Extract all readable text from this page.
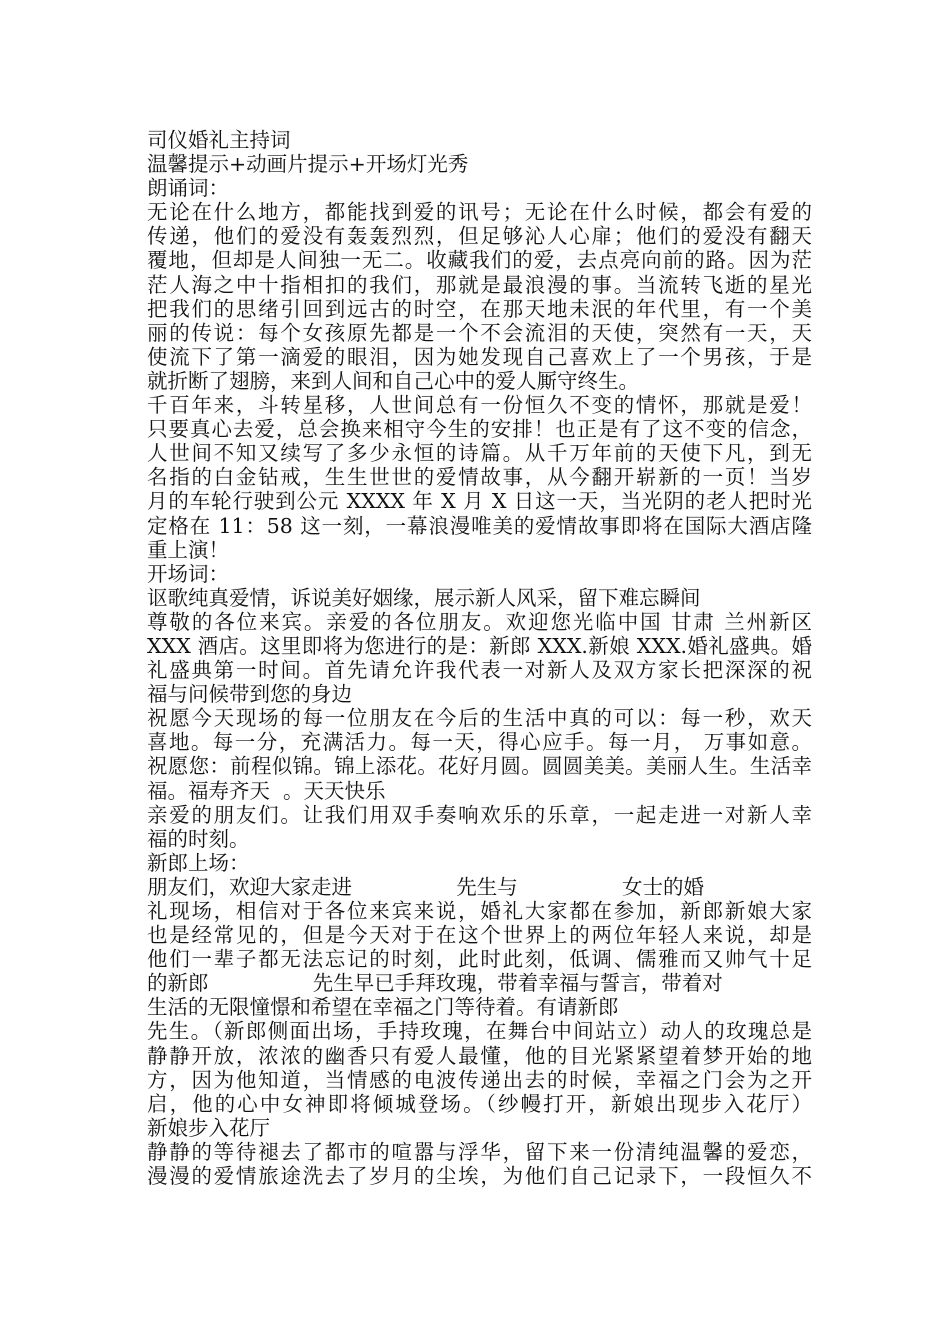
司仪婚礼主持词
温馨提示+动画片提示+开场灯光秀
朗诵词：
无论在什么地方，都能找到爱的讯号；无论在什么时候，都会有爱的
传递，他们的爱没有轰轰烈烈，但足够沁人心扉；他们的爱没有翻天
覆地，但却是人间独一无二。收藏我们的爱，去点亮向前的路。因为茫
茫人海之中十指相扣的我们，那就是最浪漫的事。当流转飞逝的星光
把我们的思绪引回到远古的时空，在那天地未泯的年代里，有一个美
丽的传说：每个女孩原先都是一个不会流泪的天使，突然有一天，天
使流下了第一滴爱的眼泪，因为她发现自己喜欢上了一个男孩，于是
就折断了翅膀，来到人间和自己心中的爱人厮守终生。
千百年来，斗转星移，人世间总有一份恒久不变的情怀，那就是爱！
只要真心去爱，总会换来相守今生的安排！也正是有了这不变的信念，
人世间不知又续写了多少永恒的诗篇。从千万年前的天使下凡，到无
名指的白金钻戒，生生世世的爱情故事，从今翻开崭新的一页！当岁
月的车轮行驶到公元 XXXX 年 X 月 X 日这一天，当光阴的老人把时光
定格在 11：58 这一刻，一幕浪漫唯美的爱情故事即将在国际大酒店隆
重上演！
开场词：
讴歌纯真爱情，诉说美好姻缘，展示新人风采，留下难忘瞬间
尊敬的各位来宾。亲爱的各位朋友。欢迎您光临中国 甘肃 兰州新区
XXX 酒店。这里即将为您进行的是：新郎 XXX.新娘 XXX.婚礼盛典。婚
礼盛典第一时间。首先请允许我代表一对新人及双方家长把深深的祝
福与问候带到您的身边
祝愿今天现场的每一位朋友在今后的生活中真的可以：每一秒，欢天
喜地。每一分，充满活力。每一天，得心应手。每一月， 万事如意。
祝愿您：前程似锦。锦上添花。花好月圆。圆圆美美。美丽人生。生活幸
福。福寿齐天  。天天快乐
亲爱的朋友们。让我们用双手奏响欢乐的乐章，一起走进一对新人幸
福的时刻。
新郎上场：
朋友们，欢迎大家走进                先生与                女士的婚
礼现场，相信对于各位来宾来说，婚礼大家都在参加，新郎新娘大家
也是经常见的，但是今天对于在这个世界上的两位年轻人来说，却是
他们一辈子都无法忘记的时刻，此时此刻，低调、儒雅而又帅气十足
的新郎                先生早已手拜玫瑰，带着幸福与誓言，带着对
生活的无限憧憬和希望在幸福之门等待着。有请新郎
先生。（新郎侧面出场，手持玫瑰，在舞台中间站立）动人的玫瑰总是
静静开放，浓浓的幽香只有爱人最懂，他的目光紧紧望着梦开始的地
方，因为他知道，当情感的电波传递出去的时候，幸福之门会为之开
启，他的心中女神即将倾城登场。（纱幔打开，新娘出现步入花厅）
新娘步入花厅
静静的等待褪去了都市的喧嚣与浮华，留下来一份清纯温馨的爱恋，
漫漫的爱情旅途洗去了岁月的尘埃，为他们自己记录下，一段恒久不
